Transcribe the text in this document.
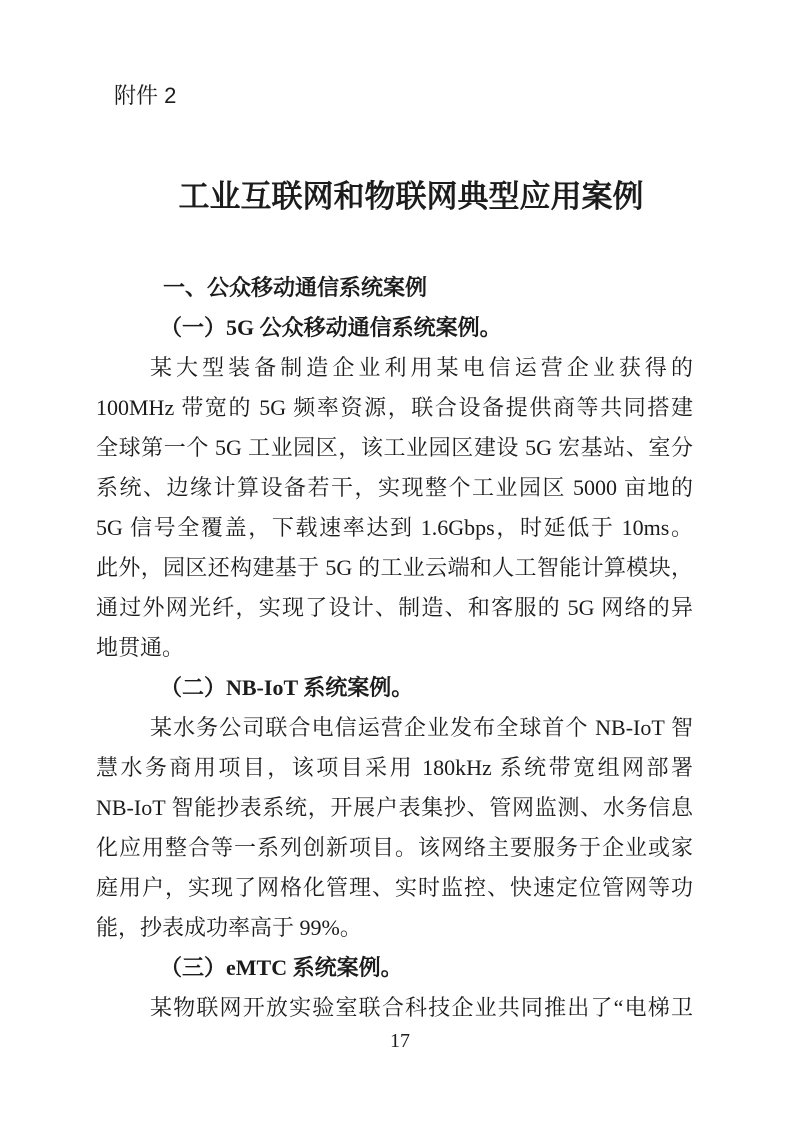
附件 2
工业互联网和物联网典型应用案例
一、公众移动通信系统案例
（一）5G 公众移动通信系统案例。
某大型装备制造企业利用某电信运营企业获得的
100MHz 带宽的 5G 频率资源，联合设备提供商等共同搭建
全球第一个 5G 工业园区，该工业园区建设 5G 宏基站、室分
系统、边缘计算设备若干，实现整个工业园区 5000 亩地的
5G 信号全覆盖，下载速率达到 1.6Gbps，时延低于 10ms。
此外，园区还构建基于 5G 的工业云端和人工智能计算模块，
通过外网光纤，实现了设计、制造、和客服的 5G 网络的异
地贯通。
（二）NB-IoT 系统案例。
某水务公司联合电信运营企业发布全球首个 NB-IoT 智
慧水务商用项目，该项目采用 180kHz 系统带宽组网部署
NB-IoT 智能抄表系统，开展户表集抄、管网监测、水务信息
化应用整合等一系列创新项目。该网络主要服务于企业或家
庭用户，实现了网格化管理、实时监控、快速定位管网等功
能，抄表成功率高于 99%。
（三）eMTC 系统案例。
某物联网开放实验室联合科技企业共同推出了“电梯卫
17
